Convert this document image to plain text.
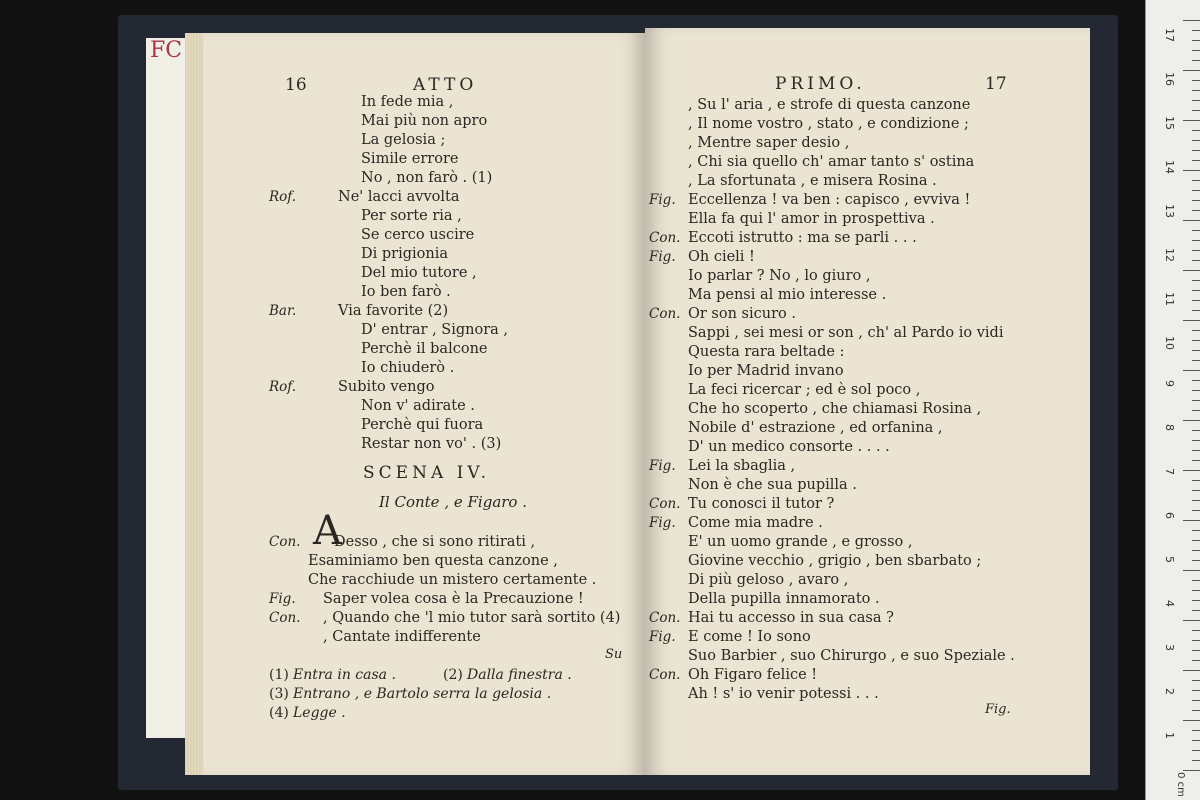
0 cm
17
16
15
14
13
12
11
10
9
8
7
6
5
4
3
2
1
FC
16	ATTO
In fede mia ,
Mai più non apro
La gelosia ;
Simile errore
No , non farò . (1)
Rof.	Ne' lacci avvolta
Per sorte ria ,
Se cerco uscire
Di prigionia
Del mio tutore ,
Io ben farò .
Bar.	Via favorite (2)
D' entrar , Signora ,
Perchè il balcone
Io chiuderò .
Rof.	Subito vengo
Non v' adirate .
Perchè qui fuora
Restar non vo' . (3)
SCENA IV.
Il Conte , e Figaro .
A
Con. Desso , che si sono ritirati ,
Esaminiamo ben questa canzone ,
Che racchiude un mistero certamente .
Fig. Saper volea cosa è la Precauzione !
Con. , Quando che 'l mio tutor sarà sortito (4)
, Cantate indifferente
Su
(1) Entra in casa .	(2) Dalla finestra .
(3) Entrano , e Bartolo serra la gelosia .
(4) Legge .
PRIMO.	17
, Su l' aria , e strofe di questa canzone
, Il nome vostro , stato , e condizione ;
, Mentre saper desio ,
, Chi sia quello ch' amar tanto s' ostina
, La sfortunata , e misera Rosina .
Fig. Eccellenza ! va ben : capisco , evviva !
Ella fa qui l' amor in prospettiva .
Con. Eccoti istrutto : ma se parli . . .
Fig. Oh cieli !
Io parlar ? No , lo giuro ,
Ma pensi al mio interesse .
Con. Or son sicuro .
Sappi , sei mesi or son , ch' al Pardo io vidi
Questa rara beltade :
Io per Madrid invano
La feci ricercar ; ed è sol poco ,
Che ho scoperto , che chiamasi Rosina ,
Nobile d' estrazione , ed orfanina ,
D' un medico consorte . . . .
Fig. Lei la sbaglia ,
Non è che sua pupilla .
Con. Tu conosci il tutor ?
Fig. Come mia madre .
E' un uomo grande , e grosso ,
Giovine vecchio , grigio , ben sbarbato ;
Di più geloso , avaro ,
Della pupilla innamorato .
Con. Hai tu accesso in sua casa ?
Fig. E come ! Io sono
Suo Barbier , suo Chirurgo , e suo Speziale .
Con. Oh Figaro felice !
Ah ! s' io venir potessi . . .
Fig.
